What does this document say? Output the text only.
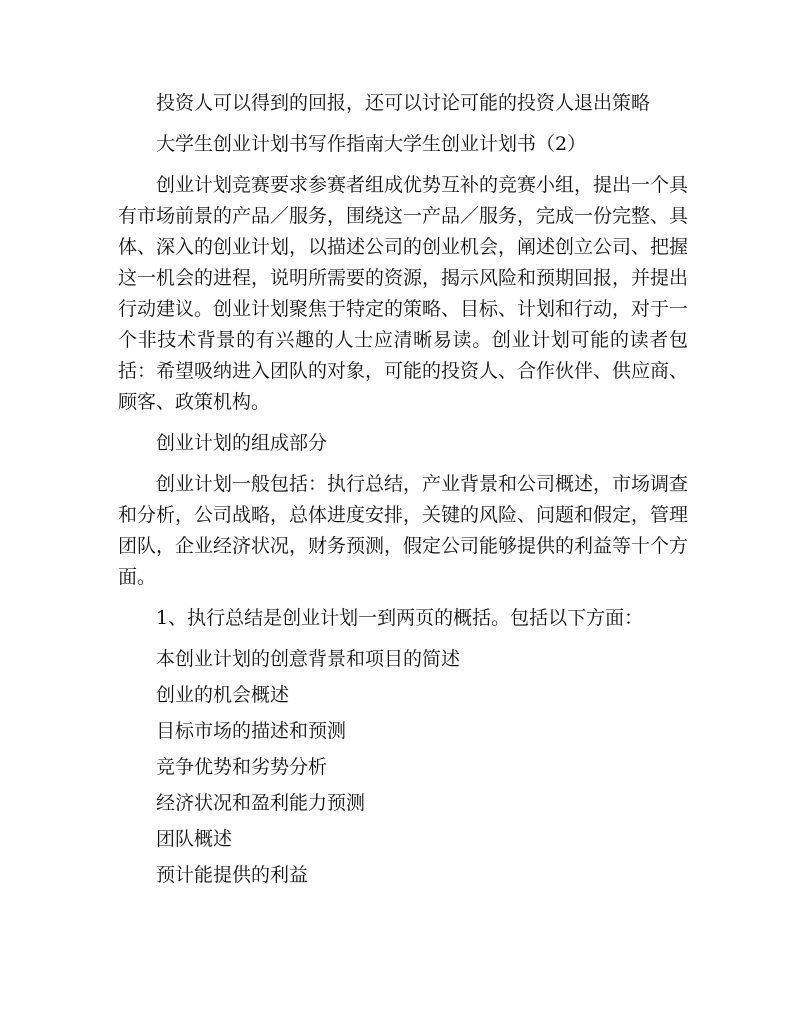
投资人可以得到的回报，还可以讨论可能的投资人退出策略

大学生创业计划书写作指南大学生创业计划书（2）

创业计划竞赛要求参赛者组成优势互补的竞赛小组，提出一个具有市场前景的产品／服务，围绕这一产品／服务，完成一份完整、具体、深入的创业计划，以描述公司的创业机会，阐述创立公司、把握这一机会的进程，说明所需要的资源，揭示风险和预期回报，并提出行动建议。创业计划聚焦于特定的策略、目标、计划和行动，对于一个非技术背景的有兴趣的人士应清晰易读。创业计划可能的读者包括：希望吸纳进入团队的对象，可能的投资人、合作伙伴、供应商、顾客、政策机构。

创业计划的组成部分

创业计划一般包括：执行总结，产业背景和公司概述，市场调查和分析，公司战略，总体进度安排，关键的风险、问题和假定，管理团队，企业经济状况，财务预测，假定公司能够提供的利益等十个方面。

1、执行总结是创业计划一到两页的概括。包括以下方面：

本创业计划的创意背景和项目的简述

创业的机会概述

目标市场的描述和预测

竞争优势和劣势分析

经济状况和盈利能力预测

团队概述

预计能提供的利益
